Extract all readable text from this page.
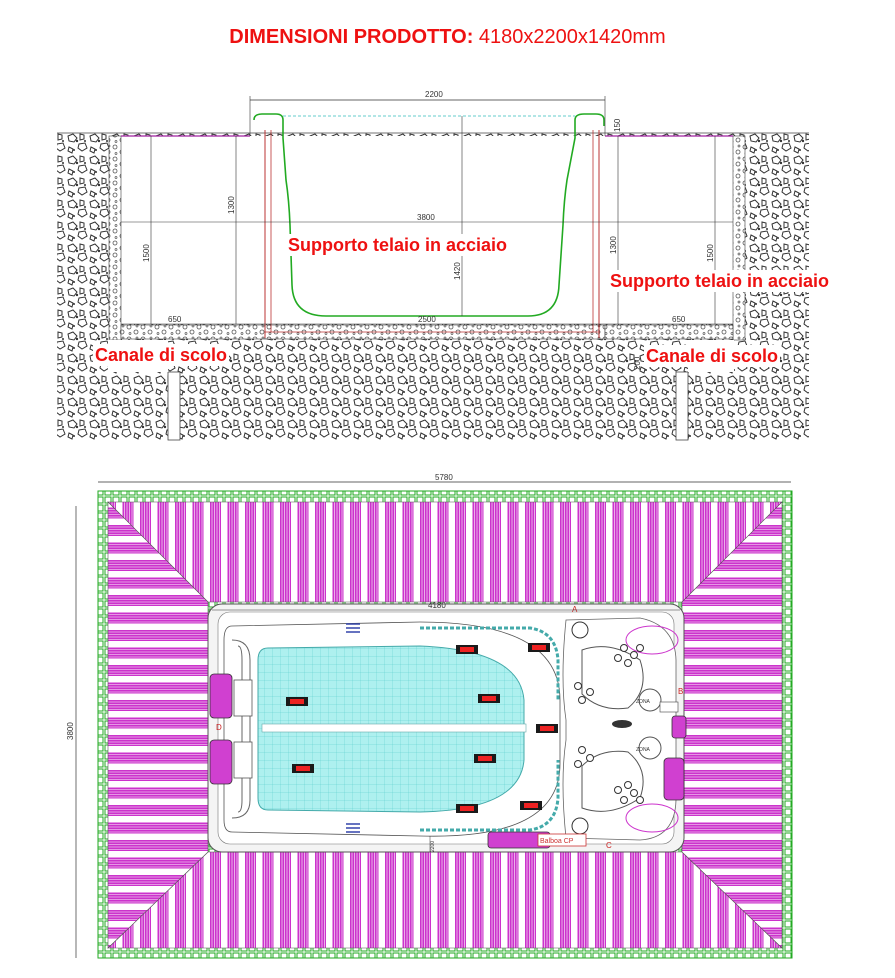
DIMENSIONI PRODOTTO: 4180x2200x1420mm
2200
3800
2500
650	650
1500	1500
1300
1300
1420
150
200
5780
3800
Balboa CP
ZONA
ZONA
A
B
C
D
4180
2200
Supporto telaio in acciaio
Supporto telaio in acciaio
Canale di scolo	Canale di scolo
